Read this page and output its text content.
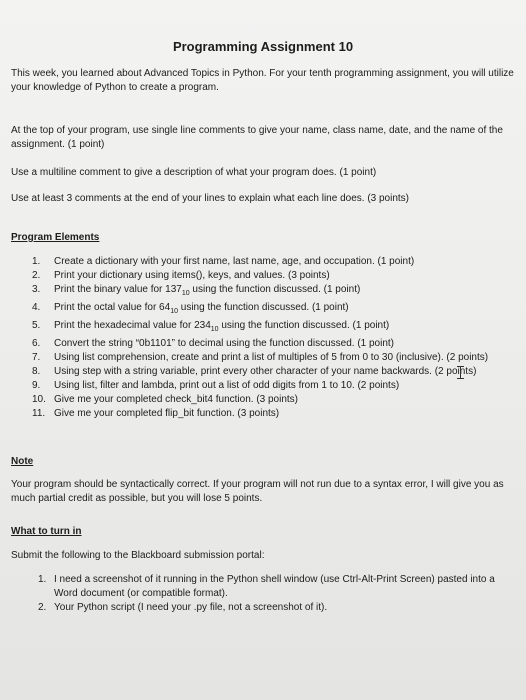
Programming Assignment 10
This week, you learned about Advanced Topics in Python. For your tenth programming assignment, you will utilize your knowledge of Python to create a program.
At the top of your program, use single line comments to give your name, class name, date, and the name of the assignment. (1 point)
Use a multiline comment to give a description of what your program does. (1 point)
Use at least 3 comments at the end of your lines to explain what each line does. (3 points)
Program Elements
1. Create a dictionary with your first name, last name, age, and occupation. (1 point)
2. Print your dictionary using items(), keys, and values. (3 points)
3. Print the binary value for $137_{10}$ using the function discussed. (1 point)
4. Print the octal value for $64_{10}$ using the function discussed. (1 point)
5. Print the hexadecimal value for $234_{10}$ using the function discussed. (1 point)
6. Convert the string “0b1101” to decimal using the function discussed. (1 point)
7. Using list comprehension, create and print a list of multiples of 5 from 0 to 30 (inclusive). (2 points)
8. Using step with a string variable, print every other character of your name backwards. (2 points)
9. Using list, filter and lambda, print out a list of odd digits from 1 to 10. (2 points)
10. Give me your completed check_bit4 function. (3 points)
11. Give me your completed flip_bit function. (3 points)
Note
Your program should be syntactically correct. If your program will not run due to a syntax error, I will give you as much partial credit as possible, but you will lose 5 points.
What to turn in
Submit the following to the Blackboard submission portal:
1. I need a screenshot of it running in the Python shell window (use Ctrl-Alt-Print Screen) pasted into a Word document (or compatible format).
2. Your Python script (I need your .py file, not a screenshot of it).
